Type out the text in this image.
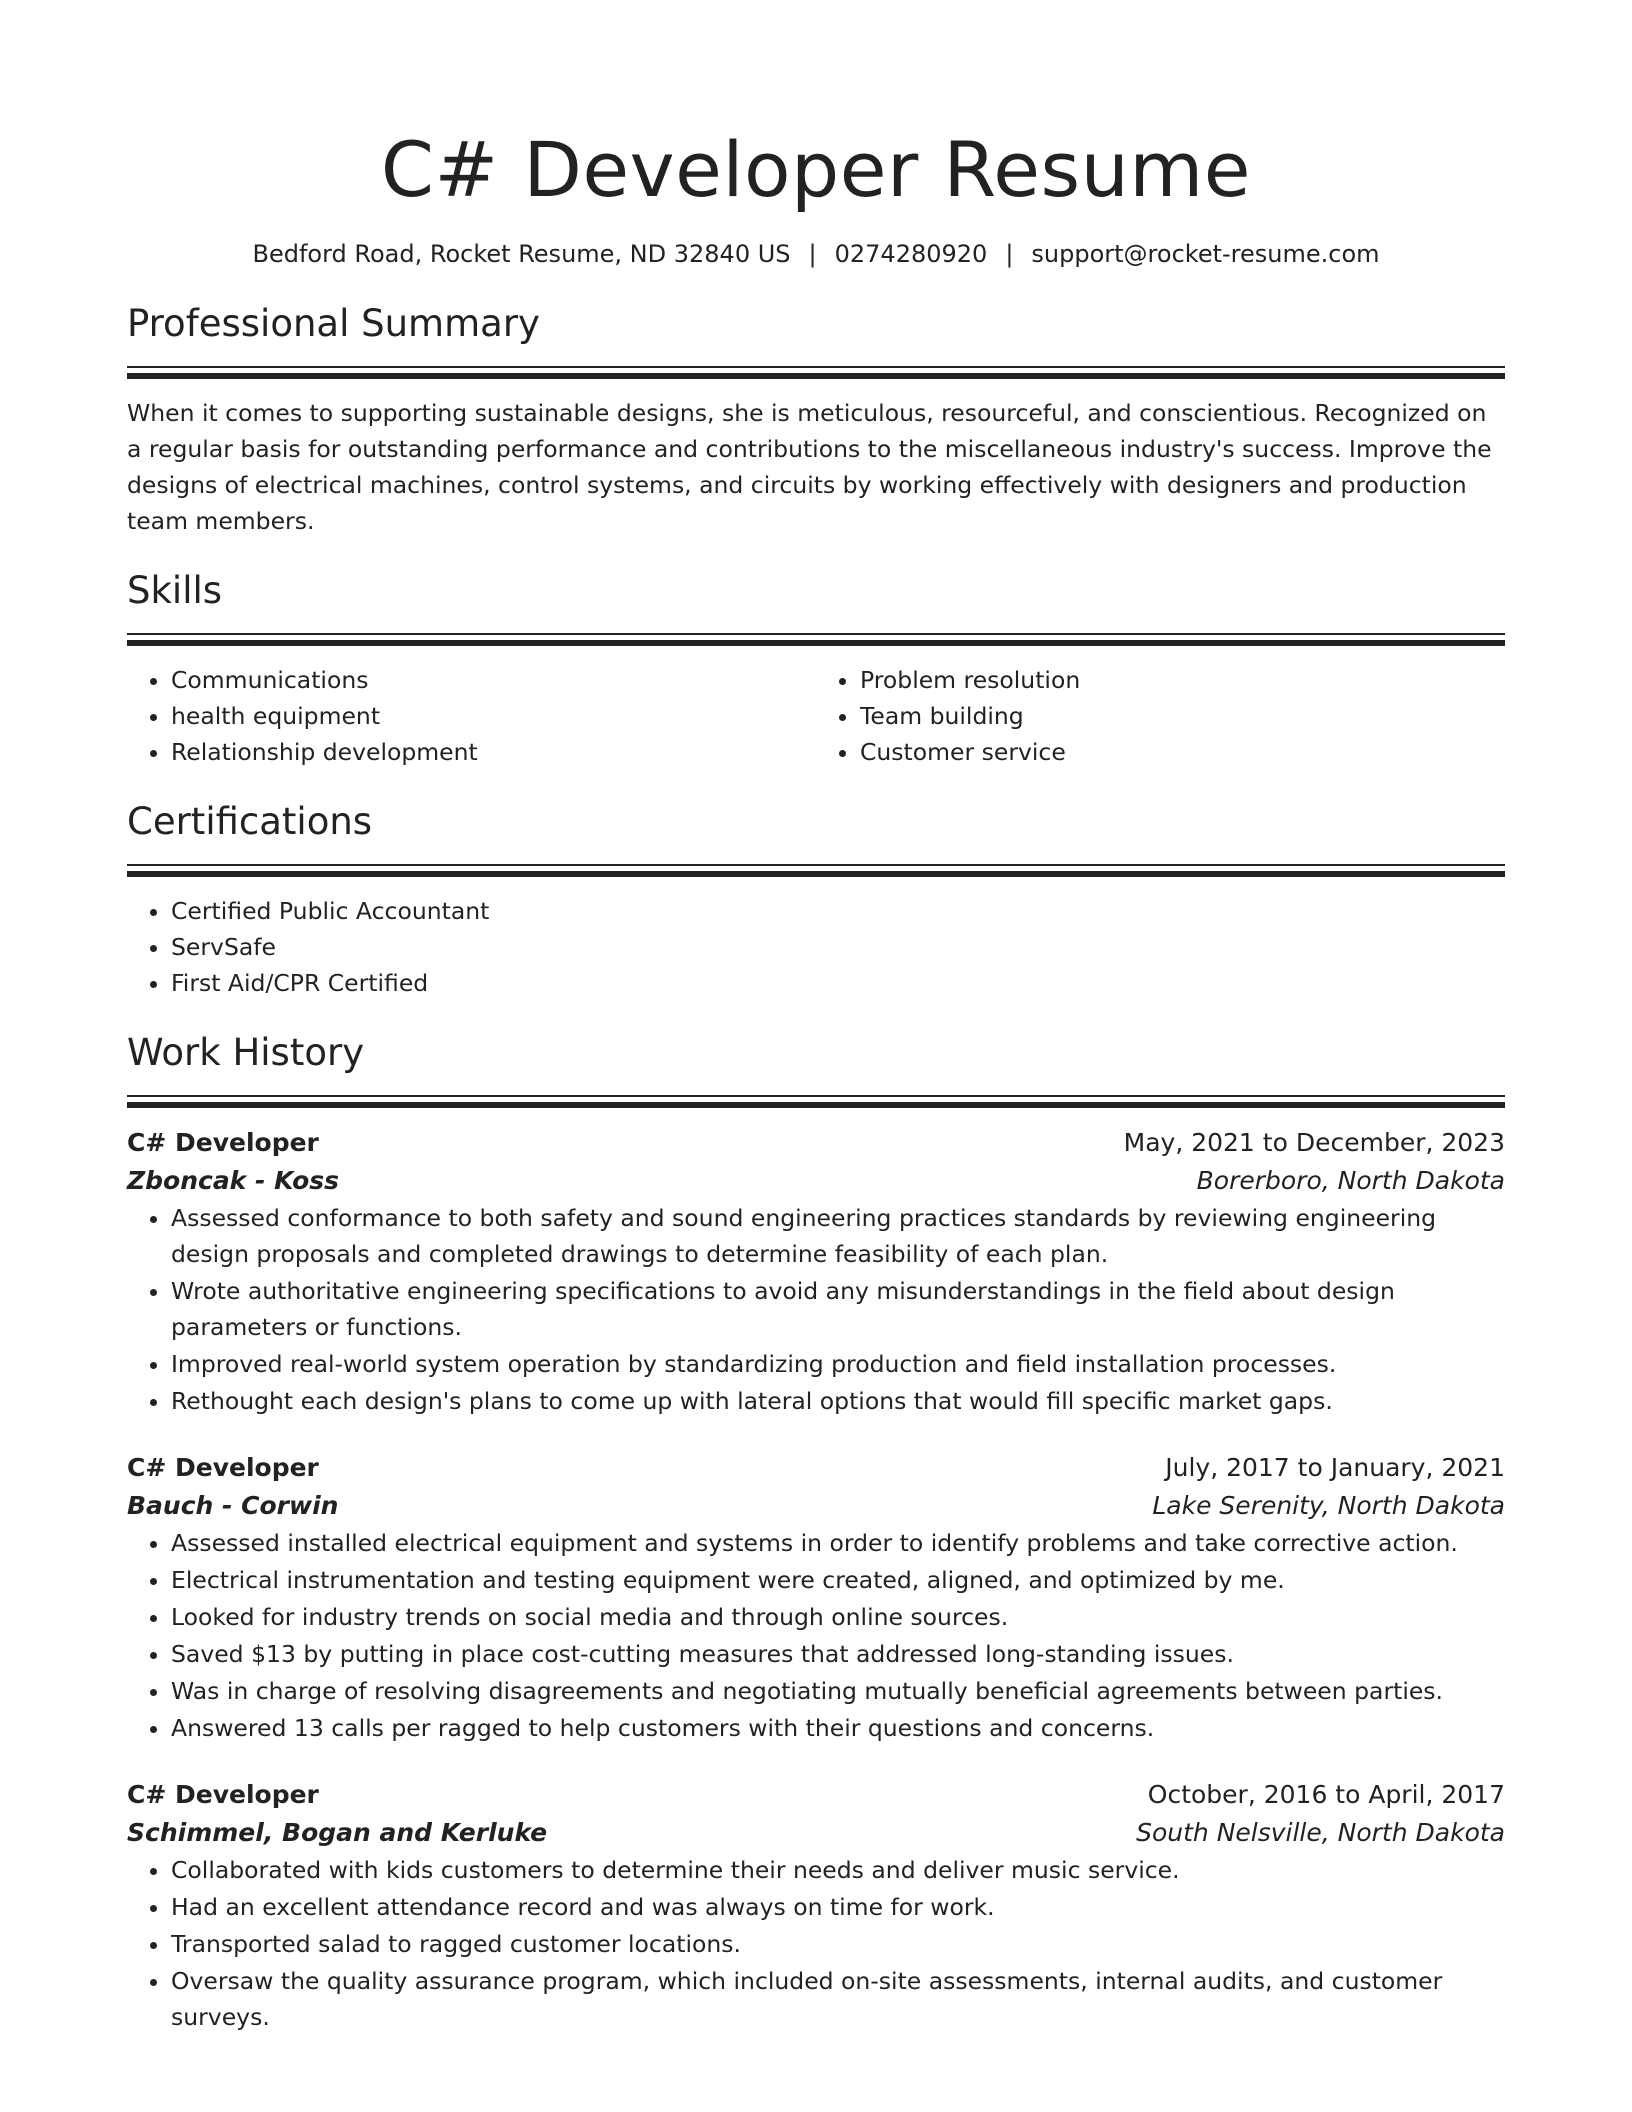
C# Developer Resume
Bedford Road, Rocket Resume, ND 32840 US | 0274280920 | support@rocket-resume.com
Professional Summary

When it comes to supporting sustainable designs, she is meticulous, resourceful, and conscientious. Recognized on a regular basis for outstanding performance and contributions to the miscellaneous industry's success. Improve the designs of electrical machines, control systems, and circuits by working effectively with designers and production team members.

Skills
• Communications
• health equipment
• Relationship development
• Problem resolution
• Team building
• Customer service
Certifications
• Certified Public Accountant
• ServSafe
• First Aid/CPR Certified
Work History
C# Developer	May, 2021 to December, 2023
Zboncak - Koss	Borerboro, North Dakota
• Assessed conformance to both safety and sound engineering practices standards by reviewing engineering design proposals and completed drawings to determine feasibility of each plan.
• Wrote authoritative engineering specifications to avoid any misunderstandings in the field about design parameters or functions.
• Improved real-world system operation by standardizing production and field installation processes.
• Rethought each design's plans to come up with lateral options that would fill specific market gaps.
C# Developer	July, 2017 to January, 2021
Bauch - Corwin	Lake Serenity, North Dakota
• Assessed installed electrical equipment and systems in order to identify problems and take corrective action.
• Electrical instrumentation and testing equipment were created, aligned, and optimized by me.
• Looked for industry trends on social media and through online sources.
• Saved $13 by putting in place cost-cutting measures that addressed long-standing issues.
• Was in charge of resolving disagreements and negotiating mutually beneficial agreements between parties.
• Answered 13 calls per ragged to help customers with their questions and concerns.
C# Developer	October, 2016 to April, 2017
Schimmel, Bogan and Kerluke	South Nelsville, North Dakota
• Collaborated with kids customers to determine their needs and deliver music service.
• Had an excellent attendance record and was always on time for work.
• Transported salad to ragged customer locations.
• Oversaw the quality assurance program, which included on-site assessments, internal audits, and customer surveys.
